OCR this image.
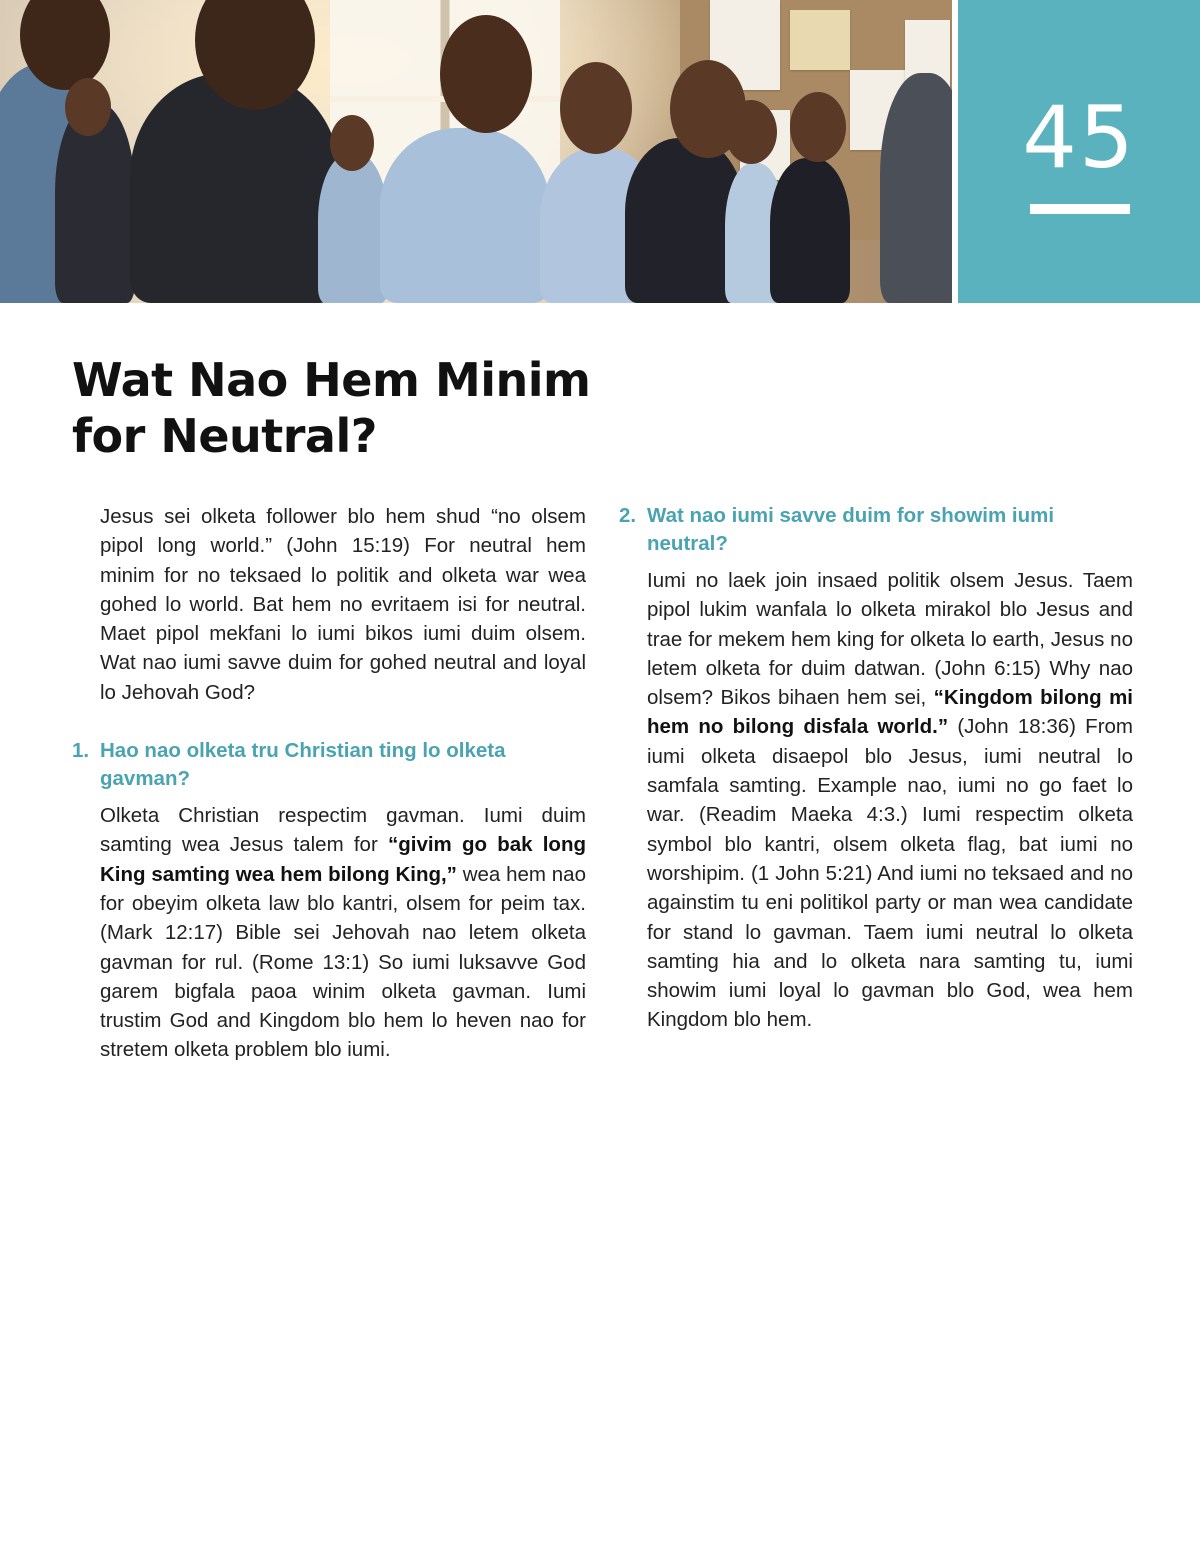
45
Wat Nao Hem Minim
for Neutral?

Jesus sei olketa follower blo hem shud “no olsem pipol long world.” (John 15:19) For neutral hem minim for no teksaed lo politik and olketa war wea gohed lo world. Bat hem no evritaem isi for neutral. Maet pipol mekfani lo iumi bikos iumi duim olsem. Wat nao iumi savve duim for gohed neutral and loyal lo Jehovah God?

1. Hao nao olketa tru Christian ting lo olketa gavman?

Olketa Christian respectim gavman. Iumi duim samting wea Jesus talem for “givim go bak long King samting wea hem bilong King,” wea hem nao for obeyim olketa law blo kantri, olsem for peim tax. (Mark 12:17) Bible sei Jehovah nao letem olketa gavman for rul. (Rome 13:1) So iumi luksavve God garem bigfala paoa winim olketa gavman. Iumi trustim God and Kingdom blo hem lo heven nao for stretem olketa problem blo iumi.

2. Wat nao iumi savve duim for showim iumi neutral?

Iumi no laek join insaed politik olsem Jesus. Taem pipol lukim wanfala lo olketa mirakol blo Jesus and trae for mekem hem king for olketa lo earth, Jesus no letem olketa for duim datwan. (John 6:15) Why nao olsem? Bikos bihaen hem sei, “Kingdom bilong mi hem no bilong disfala world.” (John 18:36) From iumi olketa disaepol blo Jesus, iumi neutral lo samfala samting. Example nao, iumi no go faet lo war. (Readim Maeka 4:3.) Iumi respectim olketa symbol blo kantri, olsem olketa flag, bat iumi no worshipim. (1 John 5:21) And iumi no teksaed and no againstim tu eni politikol party or man wea candidate for stand lo gavman. Taem iumi neutral lo olketa samting hia and lo olketa nara samting tu, iumi showim iumi loyal lo gavman blo God, wea hem Kingdom blo hem.
